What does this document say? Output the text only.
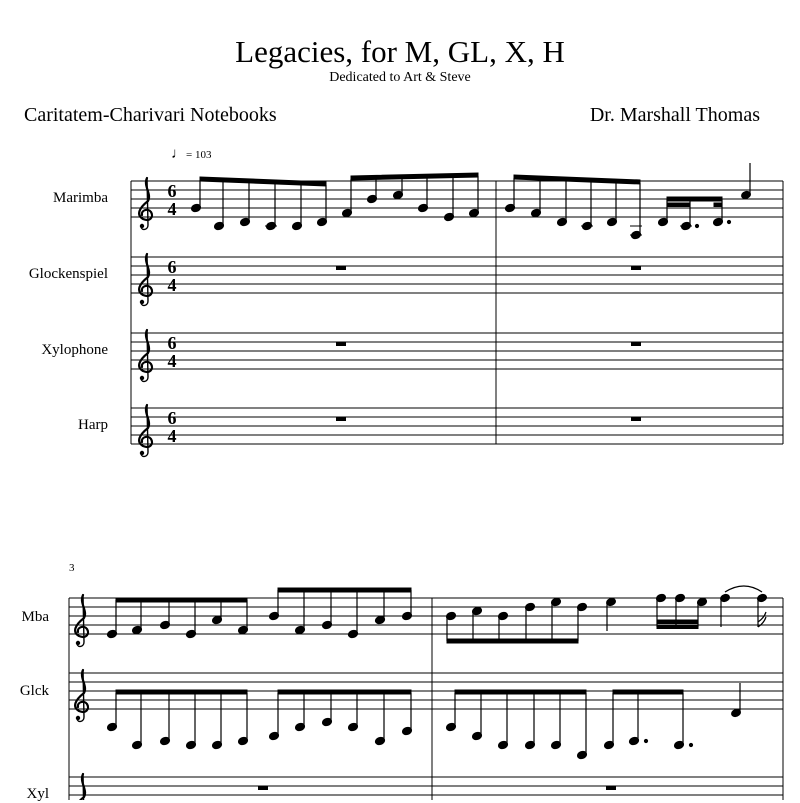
Legacies, for M, GL, X, H
Dedicated to Art & Steve
Caritatem-Charivari Notebooks	Dr. Marshall Thomas
♩= 103
Marimba
Glockenspiel
Xylophone
Harp
3
Mba
Glck
Xyl
6
4
6
4
6
4
6
4
